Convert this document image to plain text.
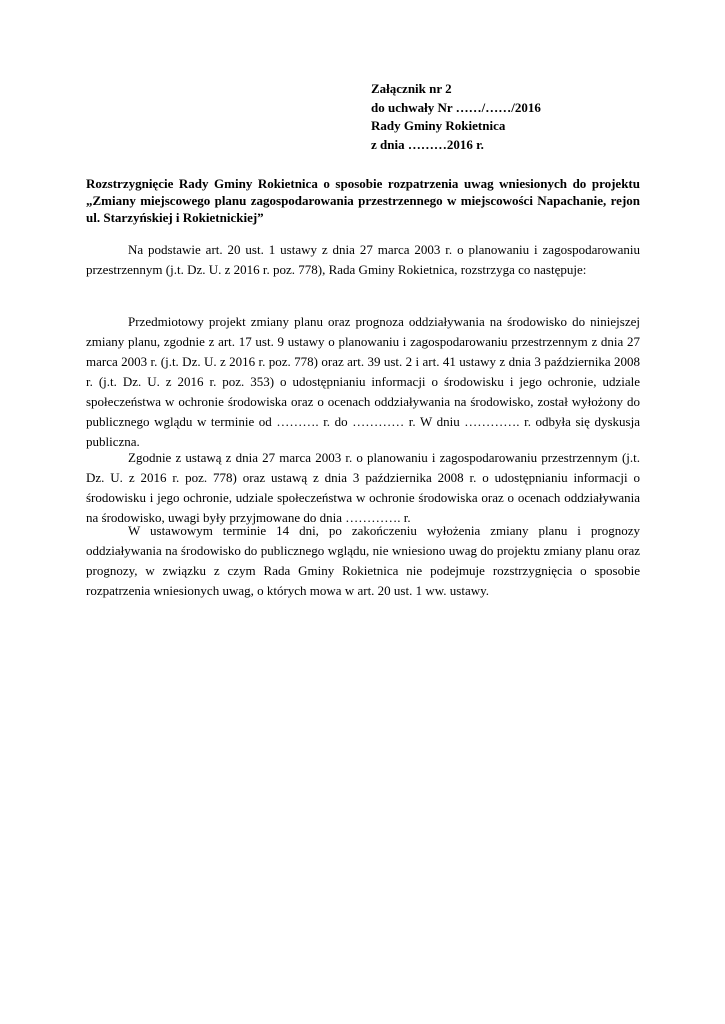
Załącznik nr 2
do uchwały Nr ……/……/2016
Rady Gminy Rokietnica
z dnia ………2016 r.
Rozstrzygnięcie Rady Gminy Rokietnica o sposobie rozpatrzenia uwag wniesionych do projektu „Zmiany miejscowego planu zagospodarowania przestrzennego w miejscowości Napachanie, rejon ul. Starzyńskiej i Rokietnickiej”

Na podstawie art. 20 ust. 1 ustawy z dnia 27 marca 2003 r. o planowaniu i zagospodarowaniu przestrzennym (j.t. Dz. U. z 2016 r. poz. 778), Rada Gminy Rokietnica, rozstrzyga co następuje:

Przedmiotowy projekt zmiany planu oraz prognoza oddziaływania na środowisko do niniejszej zmiany planu, zgodnie z art. 17 ust. 9 ustawy o planowaniu i zagospodarowaniu przestrzennym z dnia 27 marca 2003 r. (j.t. Dz. U. z 2016 r. poz. 778) oraz art. 39 ust. 2 i art. 41 ustawy z dnia 3 października 2008 r. (j.t. Dz. U. z 2016 r. poz. 353) o udostępnianiu informacji o środowisku i jego ochronie, udziale społeczeństwa w ochronie środowiska oraz o ocenach oddziaływania na środowisko, został wyłożony do publicznego wglądu w terminie od ………. r. do ………… r. W dniu …………. r. odbyła się dyskusja publiczna.

Zgodnie z ustawą z dnia 27 marca 2003 r. o planowaniu i zagospodarowaniu przestrzennym (j.t. Dz. U. z 2016 r. poz. 778) oraz ustawą z dnia 3 października 2008 r. o udostępnianiu informacji o środowisku i jego ochronie, udziale społeczeństwa w ochronie środowiska oraz o ocenach oddziaływania na środowisko, uwagi były przyjmowane do dnia …………. r.

W ustawowym terminie 14 dni, po zakończeniu wyłożenia zmiany planu i prognozy oddziaływania na środowisko do publicznego wglądu, nie wniesiono uwag do projektu zmiany planu oraz prognozy, w związku z czym Rada Gminy Rokietnica nie podejmuje rozstrzygnięcia o sposobie rozpatrzenia wniesionych uwag, o których mowa w art. 20 ust. 1 ww. ustawy.
